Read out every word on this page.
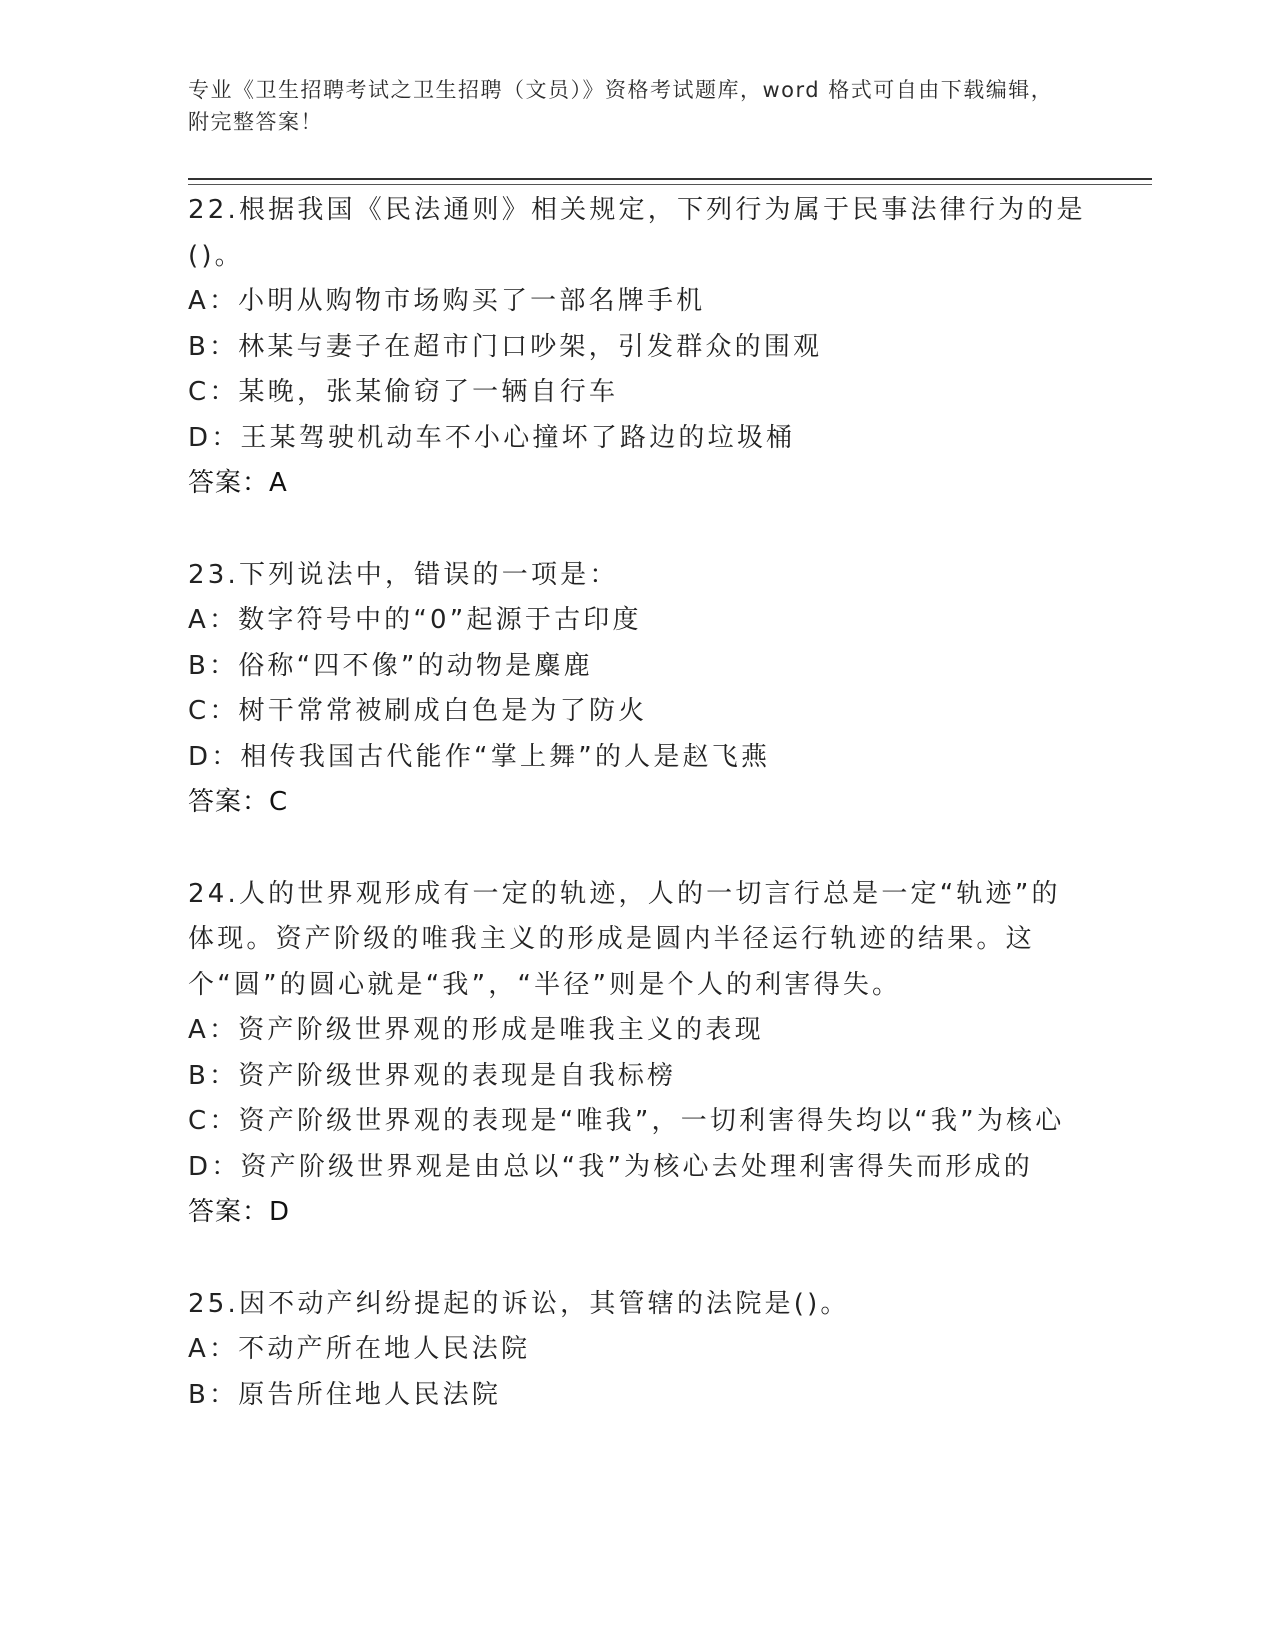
专业《卫生招聘考试之卫生招聘（文员）》资格考试题库，word 格式可自由下载编辑，附完整答案！
22.根据我国《民法通则》相关规定，下列行为属于民事法律行为的是()。
A：小明从购物市场购买了一部名牌手机
B：林某与妻子在超市门口吵架，引发群众的围观
C：某晚，张某偷窃了一辆自行车
D：王某驾驶机动车不小心撞坏了路边的垃圾桶
答案：A
23.下列说法中，错误的一项是：
A：数字符号中的“0”起源于古印度
B：俗称“四不像”的动物是麋鹿
C：树干常常被刷成白色是为了防火
D：相传我国古代能作“掌上舞”的人是赵飞燕
答案：C
24.人的世界观形成有一定的轨迹，人的一切言行总是一定“轨迹”的体现。资产阶级的唯我主义的形成是圆内半径运行轨迹的结果。这个“圆”的圆心就是“我”，“半径”则是个人的利害得失。
A：资产阶级世界观的形成是唯我主义的表现
B：资产阶级世界观的表现是自我标榜
C：资产阶级世界观的表现是“唯我”，一切利害得失均以“我”为核心
D：资产阶级世界观是由总以“我”为核心去处理利害得失而形成的
答案：D
25.因不动产纠纷提起的诉讼，其管辖的法院是()。
A：不动产所在地人民法院
B：原告所住地人民法院
